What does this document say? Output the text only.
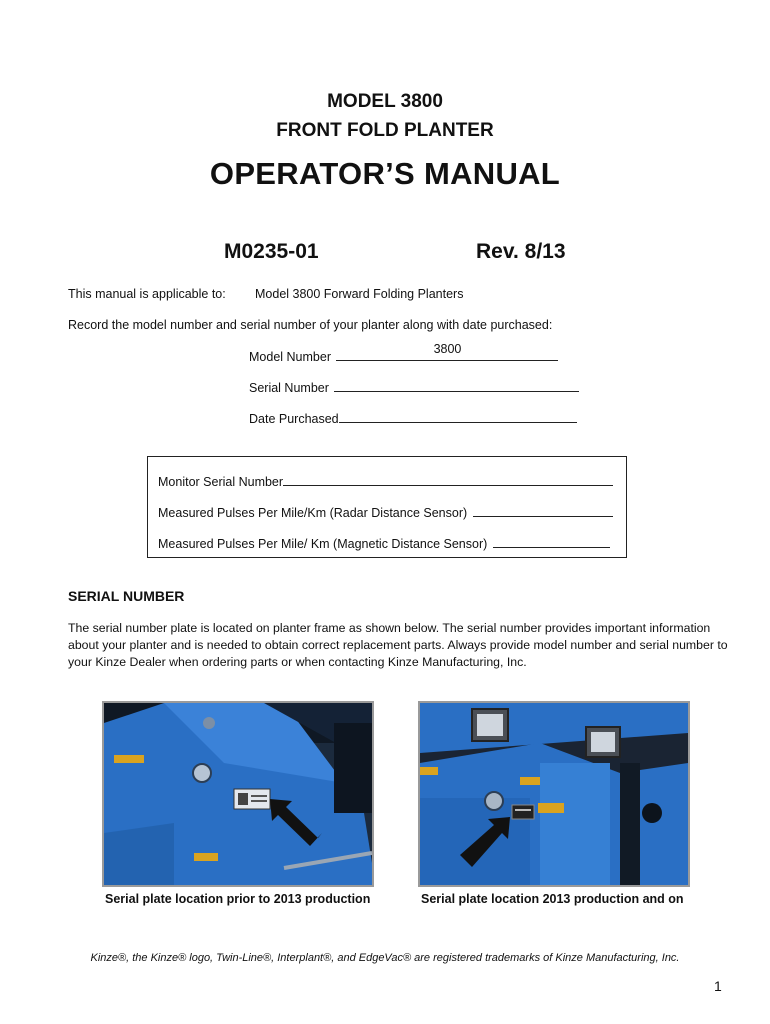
MODEL 3800
FRONT FOLD PLANTER
OPERATOR’S MANUAL
M0235-01	Rev. 8/13
This manual is applicable to: Model 3800 Forward Folding Planters
Record the model number and serial number of your planter along with date purchased:
Model Number
3800
Serial Number
Date Purchased
Monitor Serial Number
Measured Pulses Per Mile/Km (Radar Distance Sensor)
Measured Pulses Per Mile/ Km (Magnetic Distance Sensor)
SERIAL NUMBER
The serial number plate is located on planter frame as shown below. The serial number provides important information about your planter and is needed to obtain correct replacement parts. Always provide model number and serial number to your Kinze Dealer when ordering parts or when contacting Kinze Manufacturing, Inc.
Serial plate location prior to 2013 production	Serial plate location 2013 production and on
Kinze®, the Kinze® logo, Twin-Line®, Interplant®, and EdgeVac® are registered trademarks of Kinze Manufacturing, Inc.
1
